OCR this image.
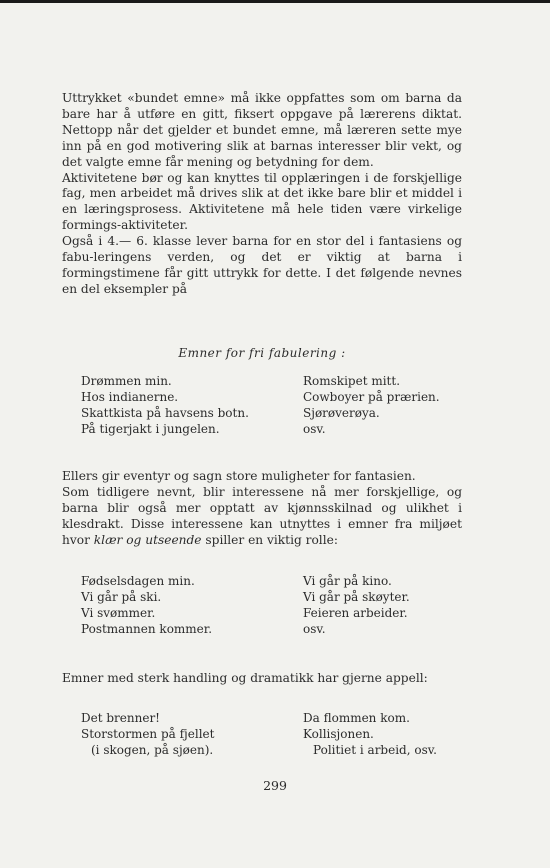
Uttrykket «bundet emne» må ikke oppfattes som om barna da bare har å utføre en gitt, fiksert oppgave på lærerens diktat. Nettopp når det gjelder et bundet emne, må læreren sette mye inn på en god motivering slik at barnas interesser blir vekt, og det valgte emne får mening og betydning for dem.

Aktivitetene bør og kan knyttes til opplæringen i de forskjellige fag, men arbeidet må drives slik at det ikke bare blir et middel i en læringsprosess. Aktivitetene må hele tiden være virkelige formings-aktiviteter.

Også i 4.— 6. klasse lever barna for en stor del i fantasiens og fabu-leringens verden, og det er viktig at barna i formingstimene får gitt uttrykk for dette. I det følgende nevnes en del eksempler på

Emner for fri fabulering :
Drømmen min.	Romskipet mitt.
Hos indianerne.	Cowboyer på prærien.
Skattkista på havsens botn.	Sjørøverøya.
På tigerjakt i jungelen.	osv.

Ellers gir eventyr og sagn store muligheter for fantasien.

Som tidligere nevnt, blir interessene nå mer forskjellige, og barna blir også mer opptatt av kjønnsskilnad og ulikhet i klesdrakt. Disse interessene kan utnyttes i emner fra miljøet hvor klær og utseende spiller en viktig rolle:

Fødselsdagen min.	Vi går på kino.
Vi går på ski.	Vi går på skøyter.
Vi svømmer.	Feieren arbeider.
Postmannen kommer.	osv.

Emner med sterk handling og dramatikk har gjerne appell:

Det brenner!	Da flommen kom.
Storstormen på fjellet	Kollisjonen.
(i skogen, på sjøen).	Politiet i arbeid, osv.
299
